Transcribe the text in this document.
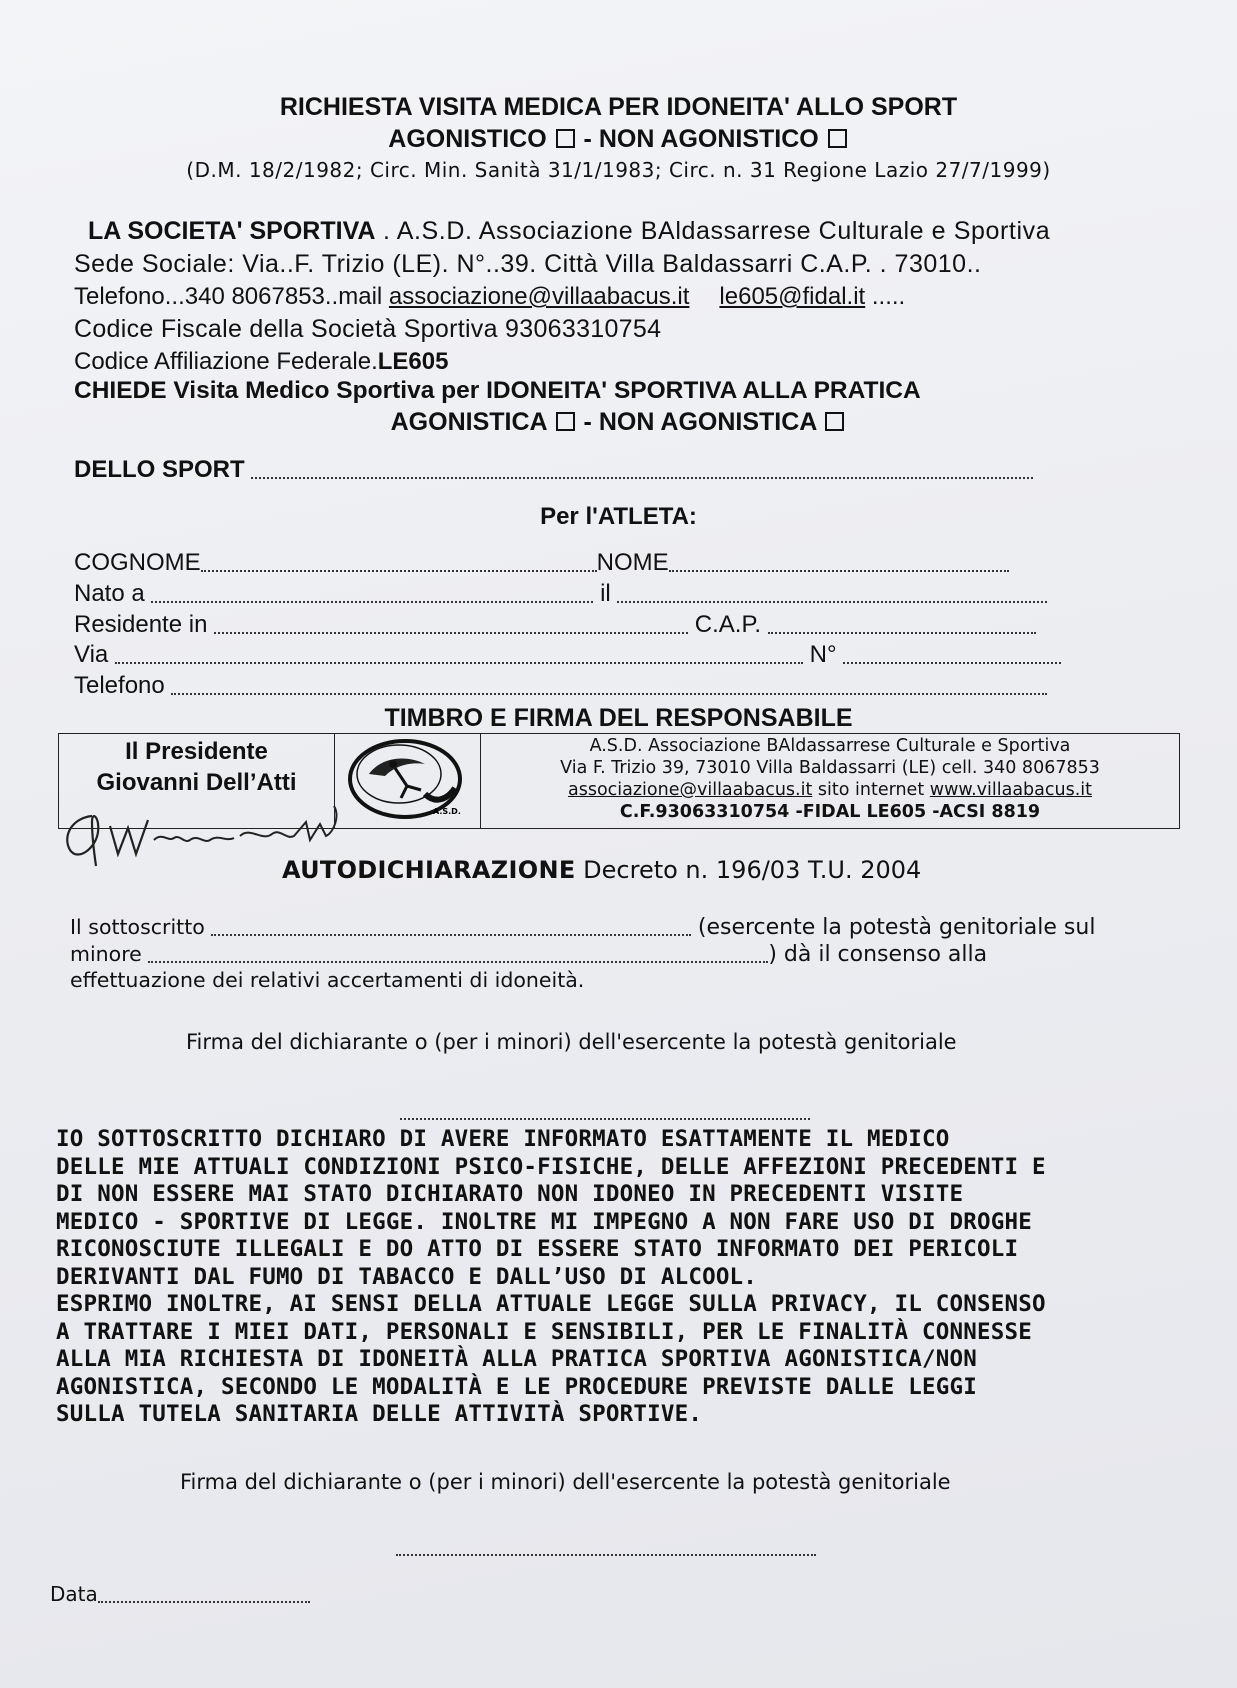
RICHIESTA VISITA MEDICA PER IDONEITA' ALLO SPORT
AGONISTICO  - NON AGONISTICO
(D.M. 18/2/1982; Circ. Min. Sanità 31/1/1983; Circ. n. 31 Regione Lazio 27/7/1999)
LA SOCIETA' SPORTIVA . A.S.D. Associazione BAldassarrese Culturale e Sportiva
Sede Sociale: Via..F. Trizio (LE). N°..39. Città Villa Baldassarri C.A.P. . 73010..
Telefono...340 8067853..mail associazione@villaabacus.it le605@fidal.it .....
Codice Fiscale della Società Sportiva 93063310754
Codice Affiliazione Federale.LE605
CHIEDE Visita Medico Sportiva per IDONEITA' SPORTIVA ALLA PRATICA
AGONISTICA  - NON AGONISTICA
DELLO SPORT
Per l'ATLETA:
COGNOME	NOME
Nato a	il
Residente in	C.A.P.
Via	N°
Telefono
TIMBRO E FIRMA DEL RESPONSABILE
Il Presidente
Giovanni Dell’Atti
A.S.D.
A.S.D. Associazione BAldassarrese Culturale e Sportiva
Via F. Trizio 39, 73010 Villa Baldassarri (LE) cell. 340 8067853
associazione@villaabacus.it sito internet www.villaabacus.it
C.F.93063310754 -FIDAL LE605 -ACSI 8819
AUTODICHIARAZIONE Decreto n. 196/03 T.U. 2004
Il sottoscritto	(esercente la potestà genitoriale sul
minore	) dà il consenso alla
effettuazione dei relativi accertamenti di idoneità.
Firma del dichiarante o (per i minori) dell'esercente la potestà genitoriale
IO SOTTOSCRITTO DICHIARO DI AVERE INFORMATO ESATTAMENTE IL MEDICO
DELLE MIE ATTUALI CONDIZIONI PSICO-FISICHE, DELLE AFFEZIONI PRECEDENTI E
DI NON ESSERE MAI STATO DICHIARATO NON IDONEO IN PRECEDENTI VISITE
MEDICO - SPORTIVE DI LEGGE. INOLTRE MI IMPEGNO A NON FARE USO DI DROGHE
RICONOSCIUTE ILLEGALI E DO ATTO DI ESSERE STATO INFORMATO DEI PERICOLI
DERIVANTI DAL FUMO DI TABACCO E DALL’USO DI ALCOOL.
ESPRIMO INOLTRE, AI SENSI DELLA ATTUALE LEGGE SULLA PRIVACY, IL CONSENSO
A TRATTARE I MIEI DATI, PERSONALI E SENSIBILI, PER LE FINALITÀ CONNESSE
ALLA MIA RICHIESTA DI IDONEITÀ ALLA PRATICA SPORTIVA AGONISTICA/NON
AGONISTICA, SECONDO LE MODALITÀ E LE PROCEDURE PREVISTE DALLE LEGGI
SULLA TUTELA SANITARIA DELLE ATTIVITÀ SPORTIVE.
Firma del dichiarante o (per i minori) dell'esercente la potestà genitoriale
Data
